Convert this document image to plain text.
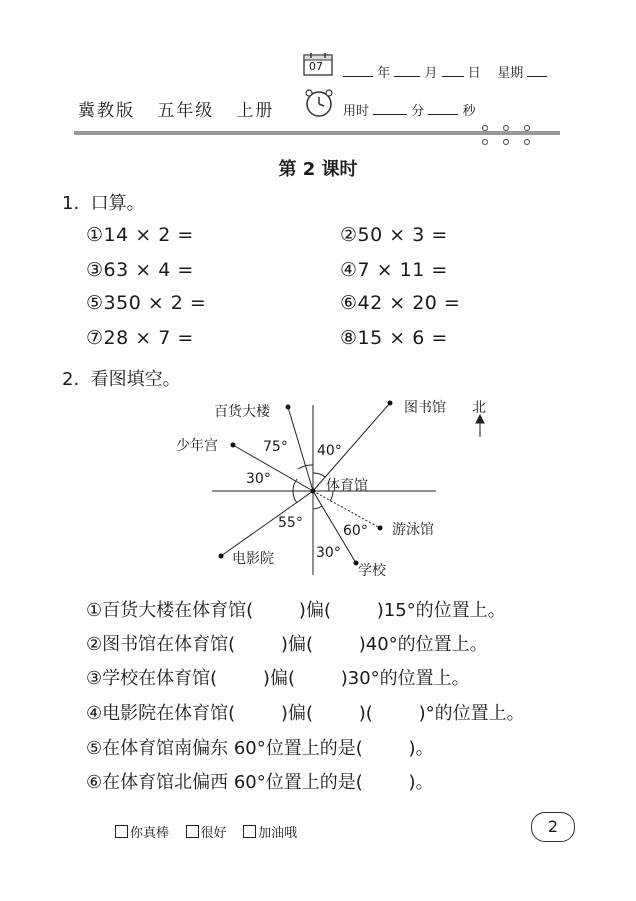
07	年	月 日 星期
冀教版 五年级 上册	用时	分	秒
第 2 课时
1.  口算。
①14 × 2 =	②50 × 3 =
③63 × 4 =	④7 × 11 =
⑤350 × 2 =	⑥42 × 20 =
⑦28 × 7 =	⑧15 × 6 =
2.  看图填空。
百货大楼	图书馆 北
少年宫
体育馆
游泳馆
电影院
学校
75° 40°
30°
55°	60°
30°
①百货大楼在体育馆(        )偏(        )15°的位置上。
②图书馆在体育馆(        )偏(        )40°的位置上。
③学校在体育馆(        )偏(        )30°的位置上。
④电影院在体育馆(        )偏(        )(        )°的位置上。
⑤在体育馆南偏东 60°位置上的是(        )。
⑥在体育馆北偏西 60°位置上的是(        )。
你真棒 很好 加油哦	2
